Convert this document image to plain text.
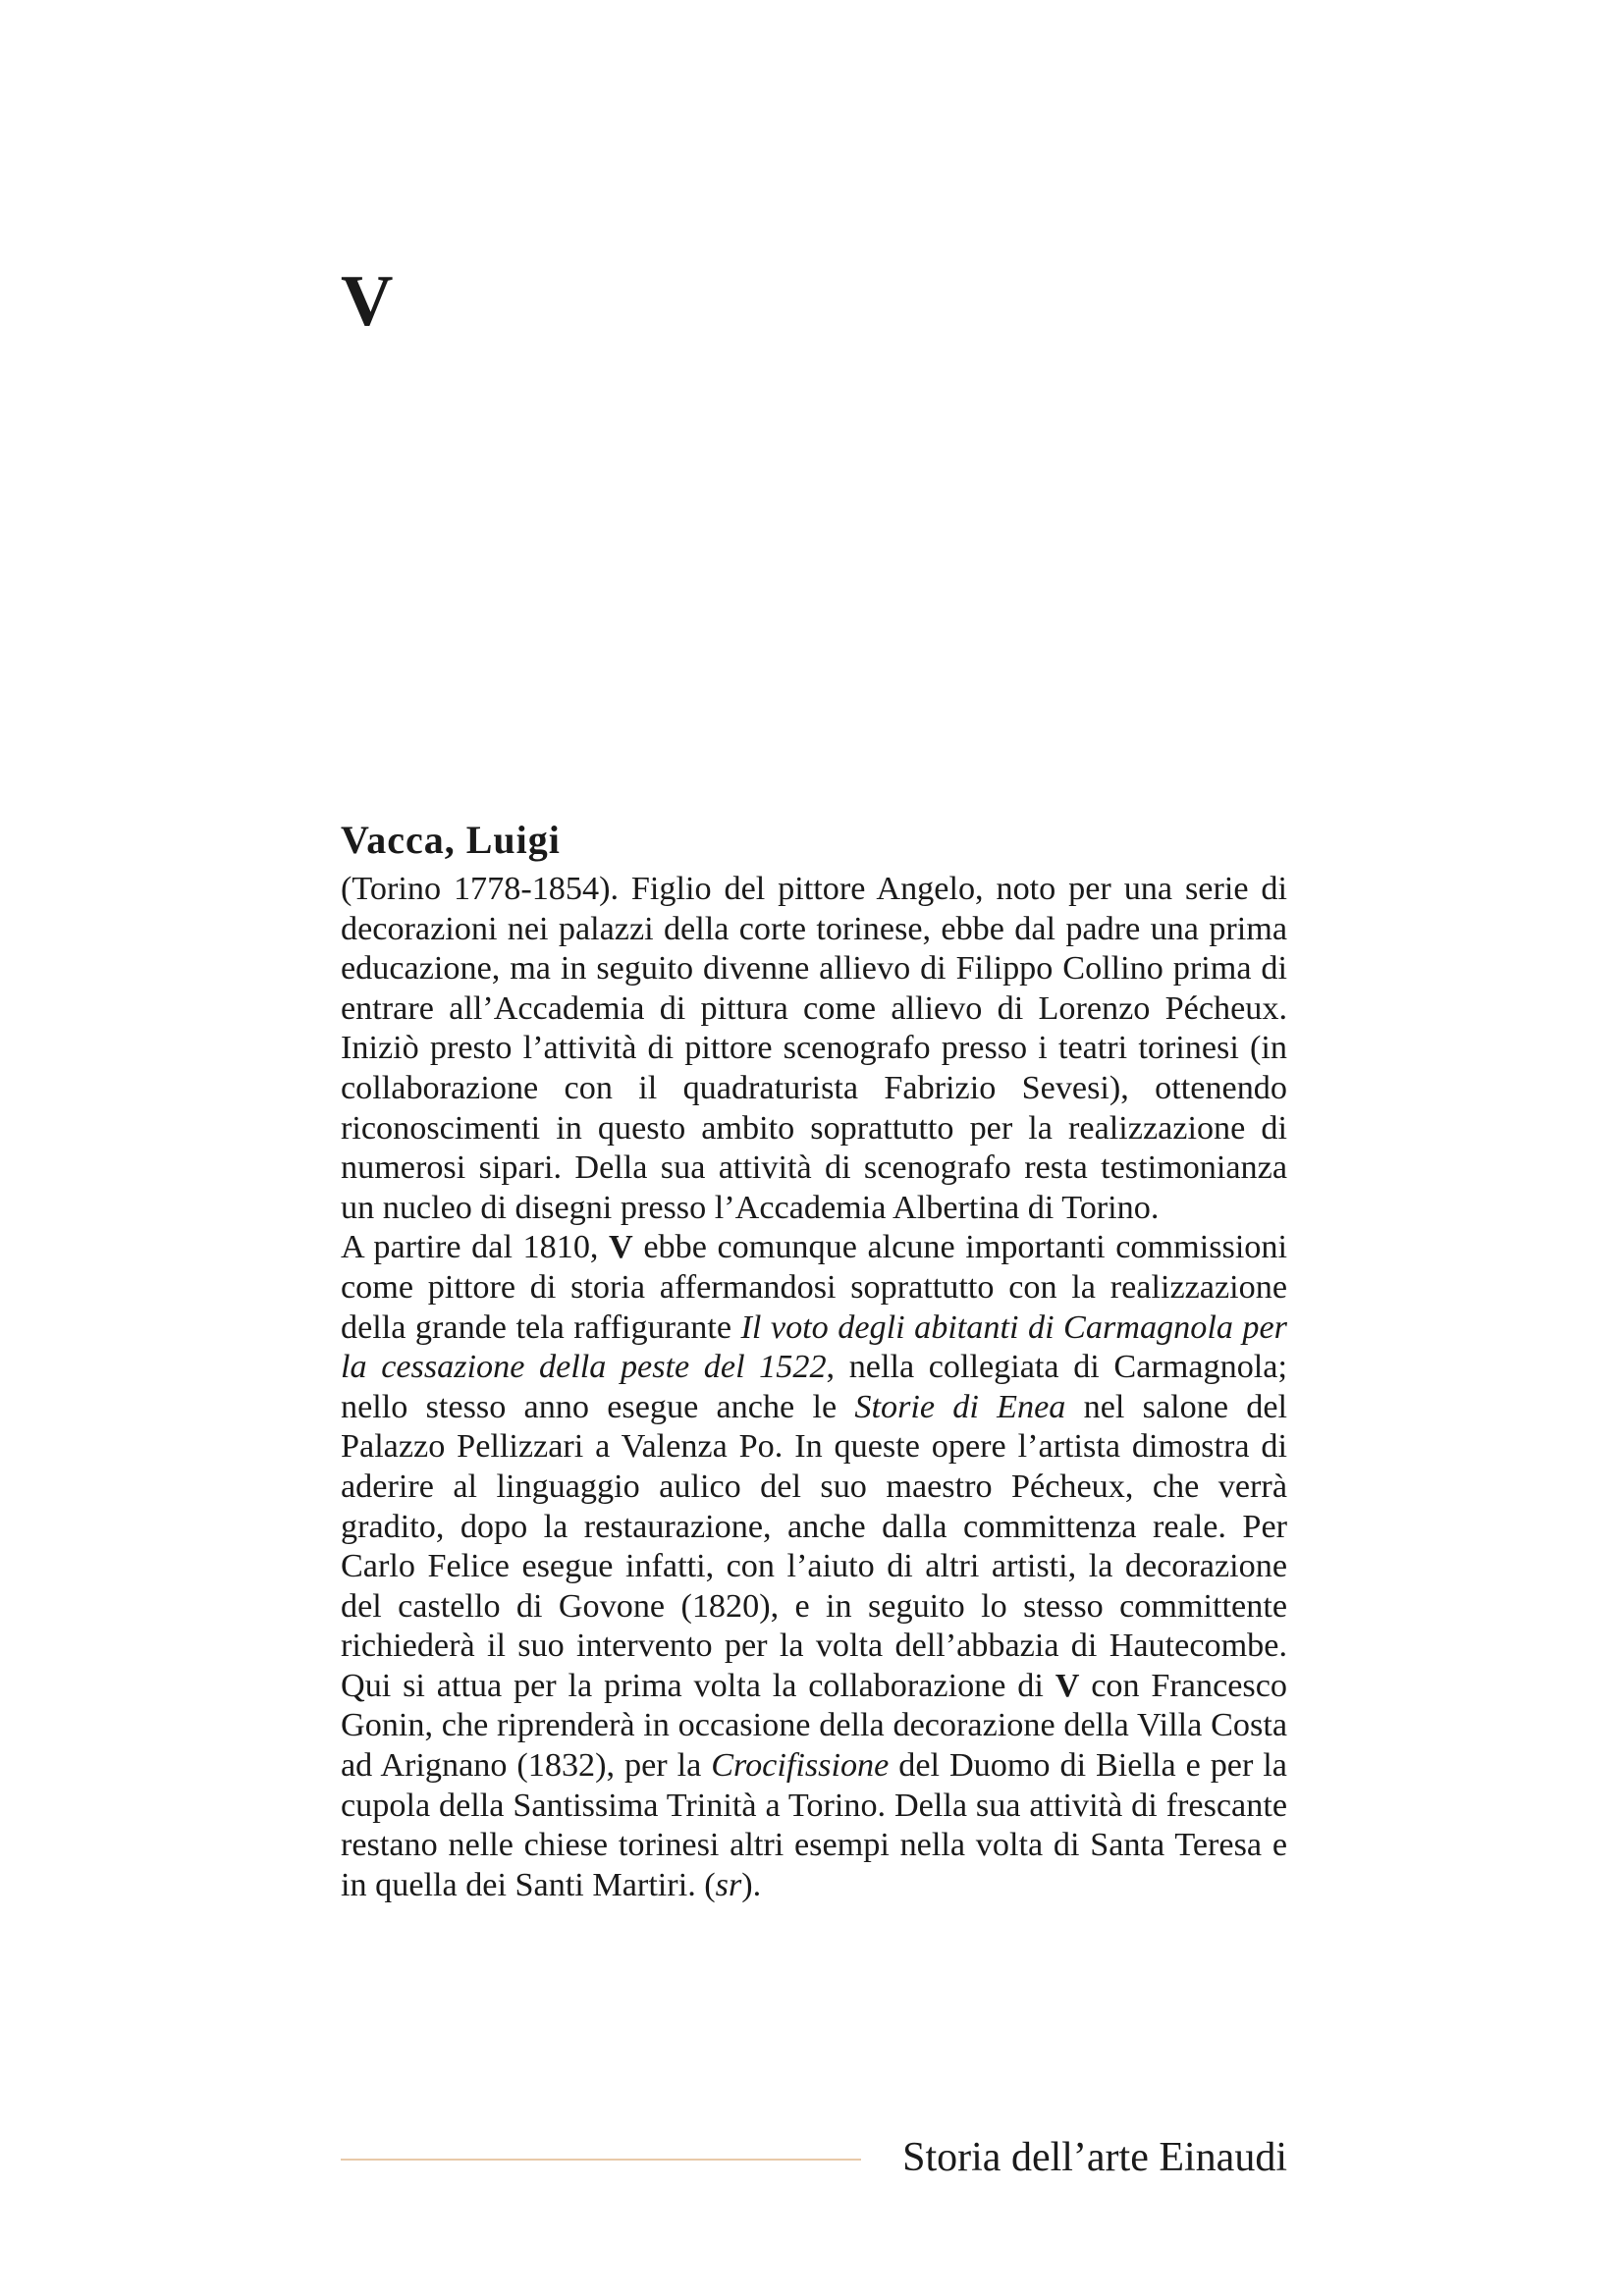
V
Vacca, Luigi

(Torino 1778-1854). Figlio del pittore Angelo, noto per una serie di decorazioni nei palazzi della corte torinese, ebbe dal padre una prima educazione, ma in seguito divenne allievo di Filippo Collino prima di entrare all’Accademia di pittura come allievo di Lorenzo Pécheux. Iniziò presto l’attività di pittore scenografo presso i teatri torinesi (in collaborazione con il quadraturista Fabrizio Sevesi), ottenendo riconoscimenti in questo ambito soprattutto per la realizzazione di numerosi sipari. Della sua attività di scenografo resta testimonianza un nucleo di disegni presso l’Accademia Albertina di Torino.

A partire dal 1810, V ebbe comunque alcune importanti commissioni come pittore di storia affermandosi soprattutto con la realizzazione della grande tela raffigurante Il voto degli abitanti di Carmagnola per la cessazione della peste del 1522, nella collegiata di Carmagnola; nello stesso anno esegue anche le Storie di Enea nel salone del Palazzo Pellizzari a Valenza Po. In queste opere l’artista dimostra di aderire al linguaggio aulico del suo maestro Pécheux, che verrà gradito, dopo la restaurazione, anche dalla committenza reale. Per Carlo Felice esegue infatti, con l’aiuto di altri artisti, la decorazione del castello di Govone (1820), e in seguito lo stesso committente richiederà il suo intervento per la volta dell’abbazia di Hautecombe. Qui si attua per la prima volta la collaborazione di V con Francesco Gonin, che riprenderà in occasione della decorazione della Villa Costa ad Arignano (1832), per la Crocifissione del Duomo di Biella e per la cupola della Santissima Trinità a Torino. Della sua attività di frescante restano nelle chiese torinesi altri esempi nella volta di Santa Teresa e in quella dei Santi Martiri. (sr).

Storia dell’arte Einaudi
